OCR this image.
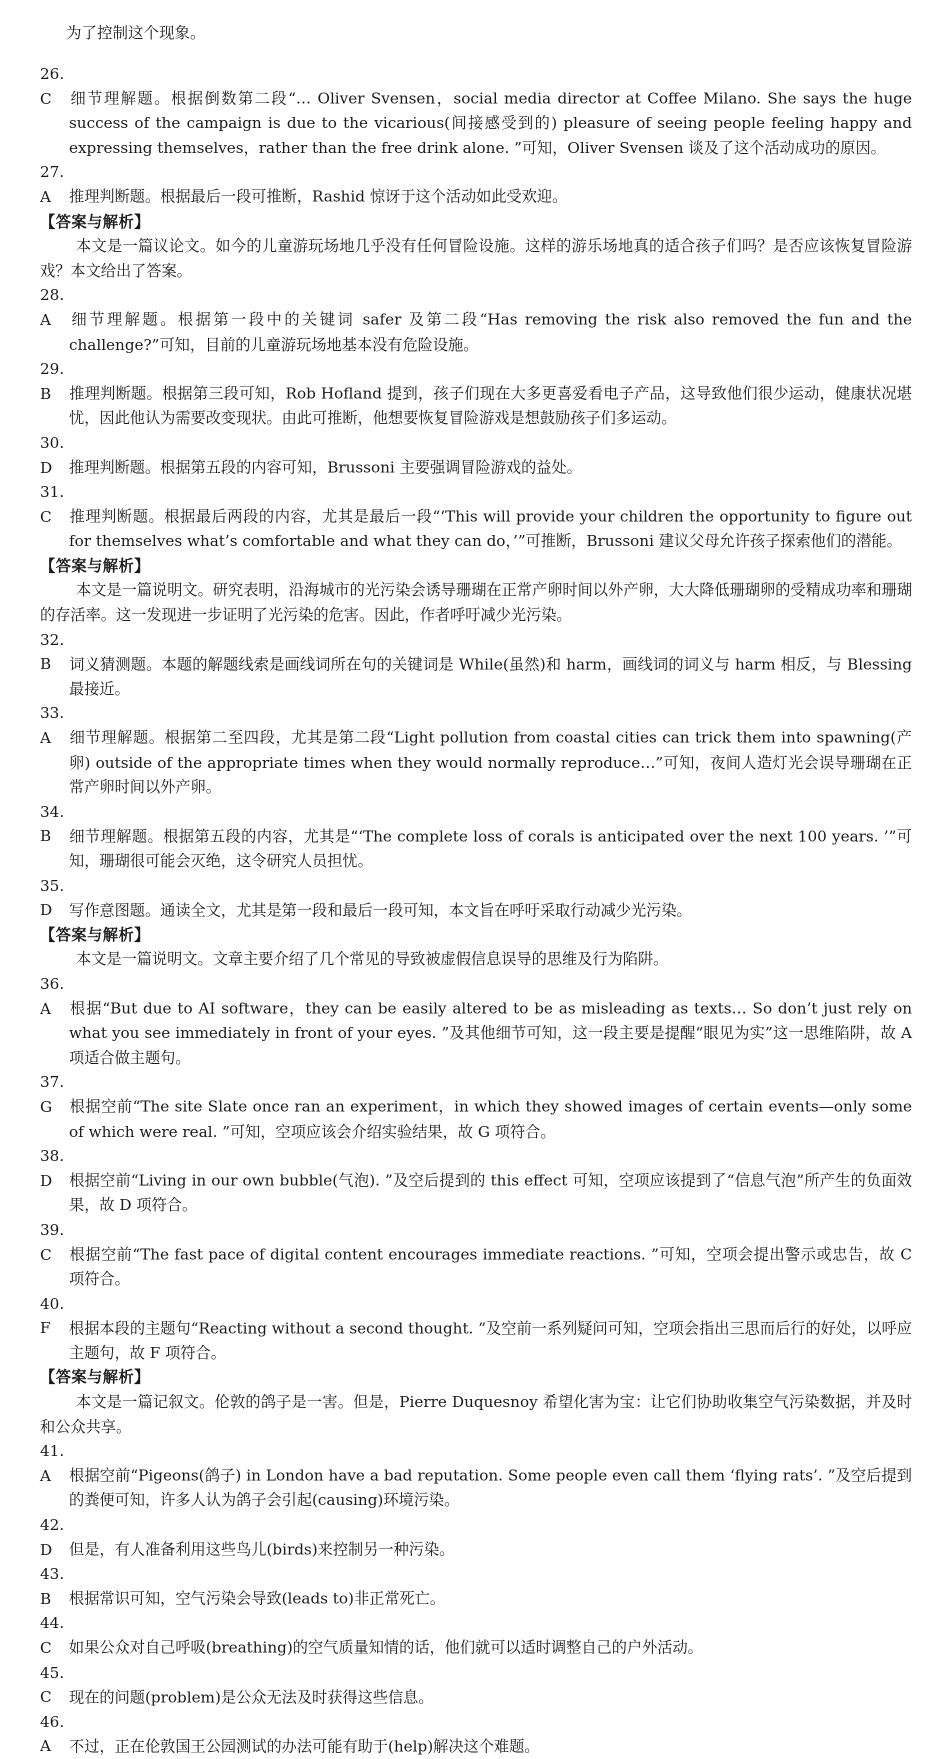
为了控制这个现象。
26. C 细节理解题。根据倒数第二段“… Oliver Svensen，social media director at Coffee Milano. She says the huge success of the campaign is due to the vicarious(间接感受到的) pleasure of seeing people feeling happy and expressing themselves，rather than the free drink alone. ”可知，Oliver Svensen 谈及了这个活动成功的原因。
27. A 推理判断题。根据最后一段可推断，Rashid 惊讶于这个活动如此受欢迎。
【答案与解析】
本文是一篇议论文。如今的儿童游玩场地几乎没有任何冒险设施。这样的游乐场地真的适合孩子们吗？是否应该恢复冒险游戏？本文给出了答案。
28. A 细节理解题。根据第一段中的关键词 safer 及第二段“Has removing the risk also removed the fun and the challenge?”可知，目前的儿童游玩场地基本没有危险设施。
29. B 推理判断题。根据第三段可知，Rob Hofland 提到，孩子们现在大多更喜爱看电子产品，这导致他们很少运动，健康状况堪忧，因此他认为需要改变现状。由此可推断，他想要恢复冒险游戏是想鼓励孩子们多运动。
30. D 推理判断题。根据第五段的内容可知，Brussoni 主要强调冒险游戏的益处。
31. C 推理判断题。根据最后两段的内容，尤其是最后一段“‘This will provide your children the opportunity to figure out for themselves what’s comfortable and what they can do，’”可推断，Brussoni 建议父母允许孩子探索他们的潜能。
【答案与解析】
本文是一篇说明文。研究表明，沿海城市的光污染会诱导珊瑚在正常产卵时间以外产卵，大大降低珊瑚卵的受精成功率和珊瑚的存活率。这一发现进一步证明了光污染的危害。因此，作者呼吁减少光污染。
32. B 词义猜测题。本题的解题线索是画线词所在句的关键词是 While(虽然)和 harm，画线词的词义与 harm 相反，与 Blessing 最接近。
33. A 细节理解题。根据第二至四段，尤其是第二段“Light pollution from coastal cities can trick them into spawning(产卵) outside of the appropriate times when they would normally reproduce…”可知，夜间人造灯光会误导珊瑚在正常产卵时间以外产卵。
34. B 细节理解题。根据第五段的内容，尤其是“‘The complete loss of corals is anticipated over the next 100 years. ’”可知，珊瑚很可能会灭绝，这令研究人员担忧。
35. D 写作意图题。通读全文，尤其是第一段和最后一段可知，本文旨在呼吁采取行动减少光污染。
【答案与解析】
本文是一篇说明文。文章主要介绍了几个常见的导致被虚假信息误导的思维及行为陷阱。
36. A 根据“But due to AI software，they can be easily altered to be as misleading as texts… So don’t just rely on what you see immediately in front of your eyes. ”及其他细节可知，这一段主要是提醒“眼见为实”这一思维陷阱，故 A 项适合做主题句。
37. G 根据空前“The site Slate once ran an experiment，in which they showed images of certain events—only some of which were real. ”可知，空项应该会介绍实验结果，故 G 项符合。
38. D 根据空前“Living in our own bubble(气泡). ”及空后提到的 this effect 可知，空项应该提到了“信息气泡”所产生的负面效果，故 D 项符合。
39. C 根据空前“The fast pace of digital content encourages immediate reactions. ”可知，空项会提出警示或忠告，故 C 项符合。
40. F 根据本段的主题句“Reacting without a second thought. ”及空前一系列疑问可知，空项会指出三思而后行的好处，以呼应主题句，故 F 项符合。
【答案与解析】
本文是一篇记叙文。伦敦的鸽子是一害。但是，Pierre Duquesnoy 希望化害为宝：让它们协助收集空气污染数据，并及时和公众共享。
41. A 根据空前“Pigeons(鸽子) in London have a bad reputation. Some people even call them ‘flying rats’. ”及空后提到的粪便可知，许多人认为鸽子会引起(causing)环境污染。
42. D 但是，有人准备利用这些鸟儿(birds)来控制另一种污染。
43. B 根据常识可知，空气污染会导致(leads to)非正常死亡。
44. C 如果公众对自己呼吸(breathing)的空气质量知情的话，他们就可以适时调整自己的户外活动。
45. C 现在的问题(problem)是公众无法及时获得这些信息。
46. A 不过，正在伦敦国王公园测试的办法可能有助于(help)解决这个难题。
